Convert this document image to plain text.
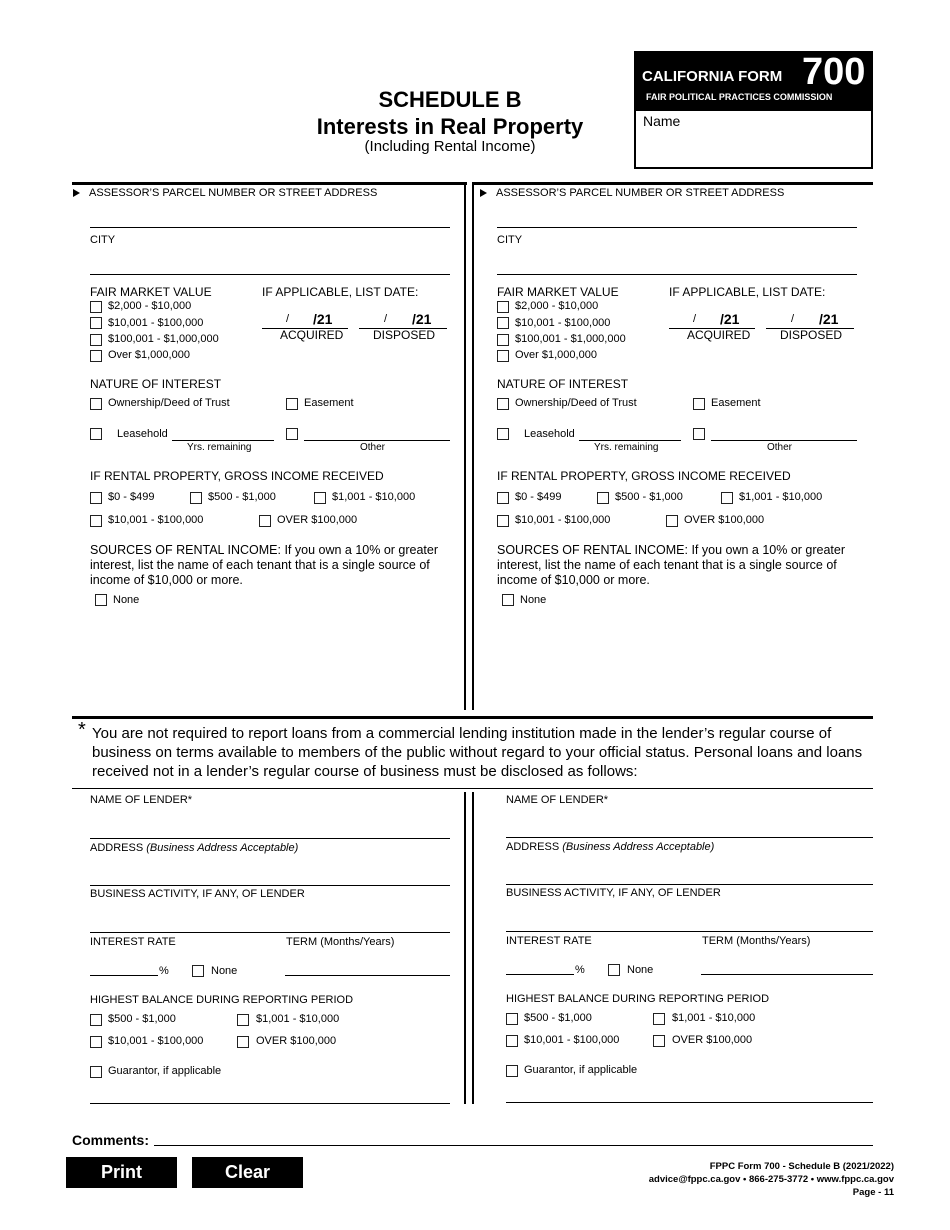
SCHEDULE B
Interests in Real Property
(Including Rental Income)
CALIFORNIA FORM 700
FAIR POLITICAL PRACTICES COMMISSION
Name
ASSESSOR’S PARCEL NUMBER OR STREET ADDRESS
CITY
FAIR MARKET VALUE
$2,000 - $10,000
$10,001 - $100,000
$100,001 - $1,000,000
Over $1,000,000
IF APPLICABLE, LIST DATE:
/ /21	/ /21
ACQUIRED DISPOSED
NATURE OF INTEREST
Ownership/Deed of Trust	Easement
Leasehold
Yrs. remaining	Other
IF RENTAL PROPERTY, GROSS INCOME RECEIVED
$0 - $499	$500 - $1,000	$1,001 - $10,000
$10,001 - $100,000	OVER $100,000
SOURCES OF RENTAL INCOME: If you own a 10% or greater interest, list the name of each tenant that is a single source of income of $10,000 or more.
None
ASSESSOR’S PARCEL NUMBER OR STREET ADDRESS
CITY
FAIR MARKET VALUE
$2,000 - $10,000
$10,001 - $100,000
$100,001 - $1,000,000
Over $1,000,000
IF APPLICABLE, LIST DATE:
/ /21	/ /21
ACQUIRED DISPOSED
NATURE OF INTEREST
Ownership/Deed of Trust	Easement
Leasehold
Yrs. remaining	Other
IF RENTAL PROPERTY, GROSS INCOME RECEIVED
$0 - $499	$500 - $1,000	$1,001 - $10,000
$10,001 - $100,000	OVER $100,000
SOURCES OF RENTAL INCOME: If you own a 10% or greater interest, list the name of each tenant that is a single source of income of $10,000 or more.
None
* You are not required to report loans from a commercial lending institution made in the lender’s regular course of business on terms available to members of the public without regard to your official status. Personal loans and loans received not in a lender’s regular course of business must be disclosed as follows:
NAME OF LENDER*
ADDRESS (Business Address Acceptable)
BUSINESS ACTIVITY, IF ANY, OF LENDER
INTEREST RATE	TERM (Months/Years)
%	None
HIGHEST BALANCE DURING REPORTING PERIOD
$500 - $1,000	$1,001 - $10,000
$10,001 - $100,000	OVER $100,000
Guarantor, if applicable
NAME OF LENDER*
ADDRESS (Business Address Acceptable)
BUSINESS ACTIVITY, IF ANY, OF LENDER
INTEREST RATE	TERM (Months/Years)
%	None
HIGHEST BALANCE DURING REPORTING PERIOD
$500 - $1,000	$1,001 - $10,000
$10,001 - $100,000	OVER $100,000
Guarantor, if applicable
Comments:
Print	Clear	FPPC Form 700 - Schedule B (2021/2022)
advice@fppc.ca.gov • 866-275-3772 • www.fppc.ca.gov
Page - 11
